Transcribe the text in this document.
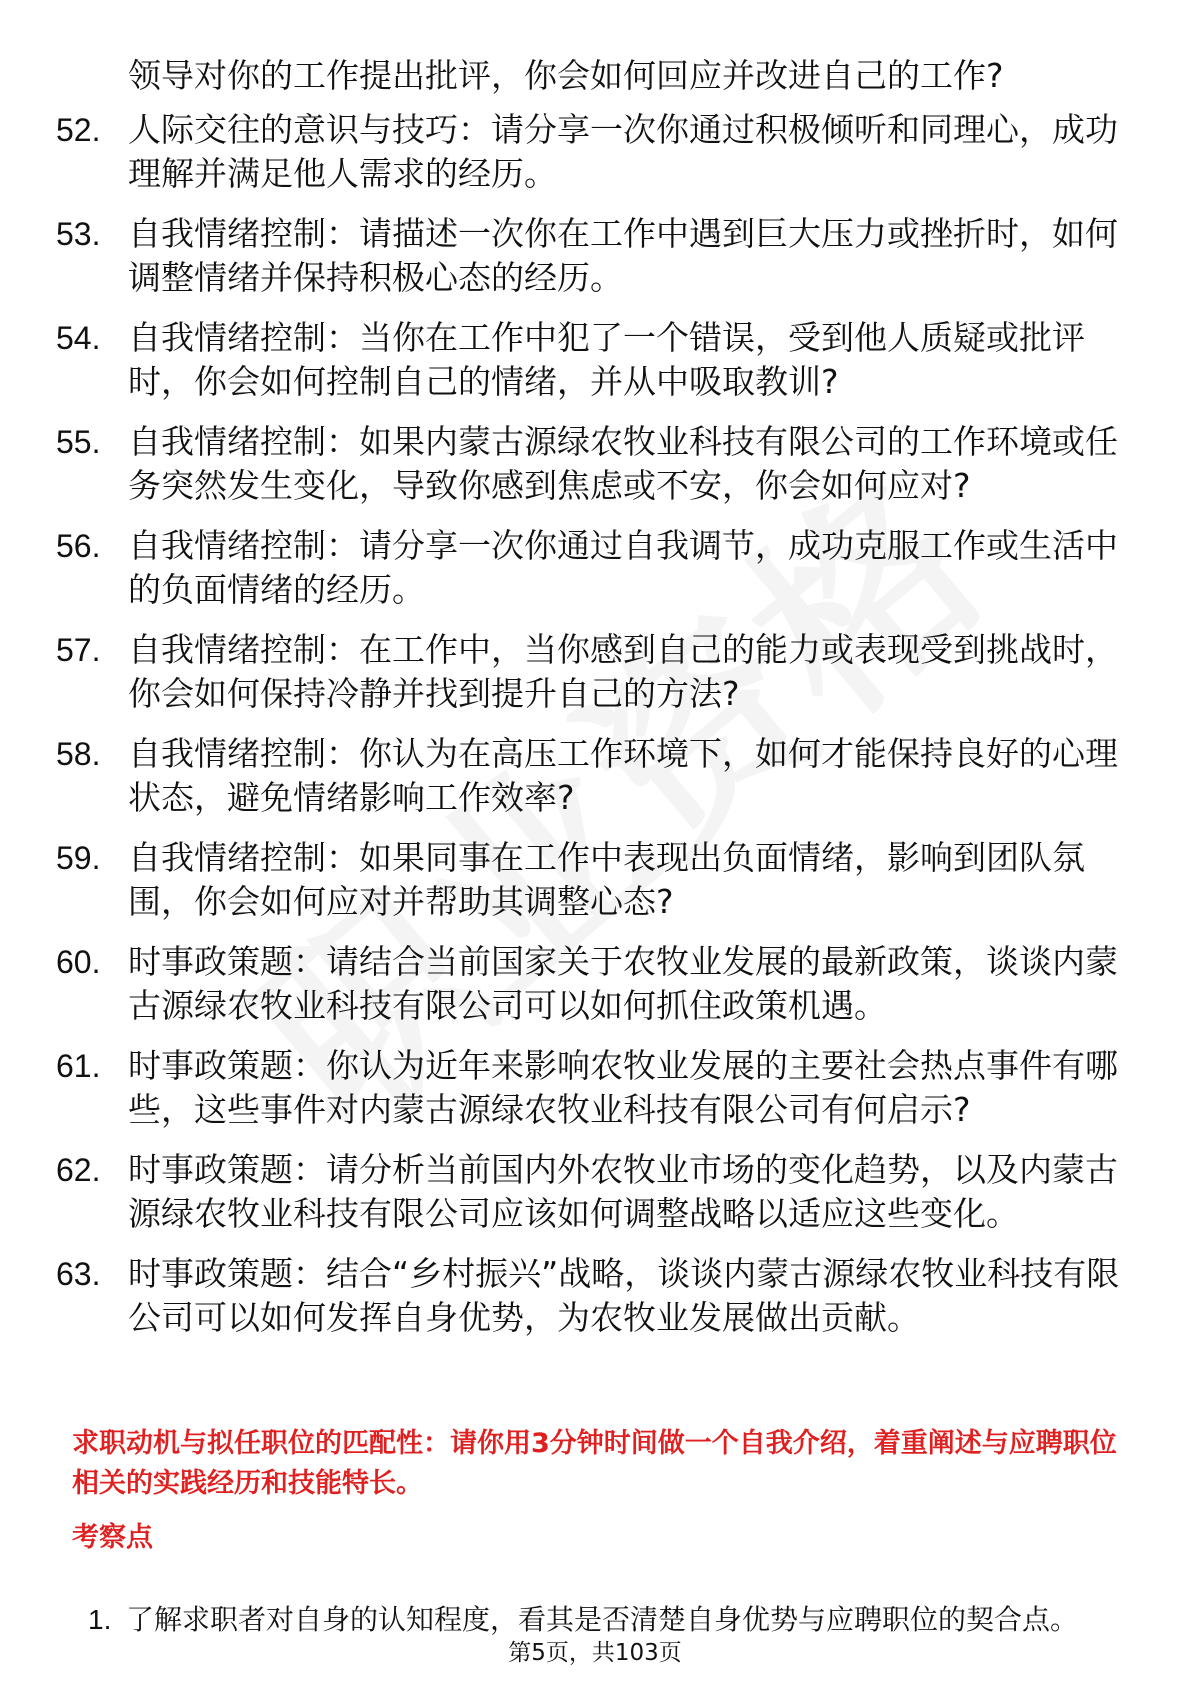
领导对你的工作提出批评，你会如何回应并改进自己的工作?
52. 人际交往的意识与技巧：请分享一次你通过积极倾听和同理心，成功理解并满足他人需求的经历。
53. 自我情绪控制：请描述一次你在工作中遇到巨大压力或挫折时，如何调整情绪并保持积极心态的经历。
54. 自我情绪控制：当你在工作中犯了一个错误，受到他人质疑或批评时，你会如何控制自己的情绪，并从中吸取教训?
55. 自我情绪控制：如果内蒙古源绿农牧业科技有限公司的工作环境或任务突然发生变化，导致你感到焦虑或不安，你会如何应对?
56. 自我情绪控制：请分享一次你通过自我调节，成功克服工作或生活中的负面情绪的经历。
57. 自我情绪控制：在工作中，当你感到自己的能力或表现受到挑战时，你会如何保持冷静并找到提升自己的方法?
58. 自我情绪控制：你认为在高压工作环境下，如何才能保持良好的心理状态，避免情绪影响工作效率?
59. 自我情绪控制：如果同事在工作中表现出负面情绪，影响到团队氛围，你会如何应对并帮助其调整心态?
60. 时事政策题：请结合当前国家关于农牧业发展的最新政策，谈谈内蒙古源绿农牧业科技有限公司可以如何抓住政策机遇。
61. 时事政策题：你认为近年来影响农牧业发展的主要社会热点事件有哪些，这些事件对内蒙古源绿农牧业科技有限公司有何启示?
62. 时事政策题：请分析当前国内外农牧业市场的变化趋势，以及内蒙古源绿农牧业科技有限公司应该如何调整战略以适应这些变化。
63. 时事政策题：结合“乡村振兴”战略，谈谈内蒙古源绿农牧业科技有限公司可以如何发挥自身优势，为农牧业发展做出贡献。
求职动机与拟任职位的匹配性：请你用3分钟时间做一个自我介绍，着重阐述与应聘职位相关的实践经历和技能特长。
考察点
1. 了解求职者对自身的认知程度，看其是否清楚自身优势与应聘职位的契合点。
第5页，共103页
